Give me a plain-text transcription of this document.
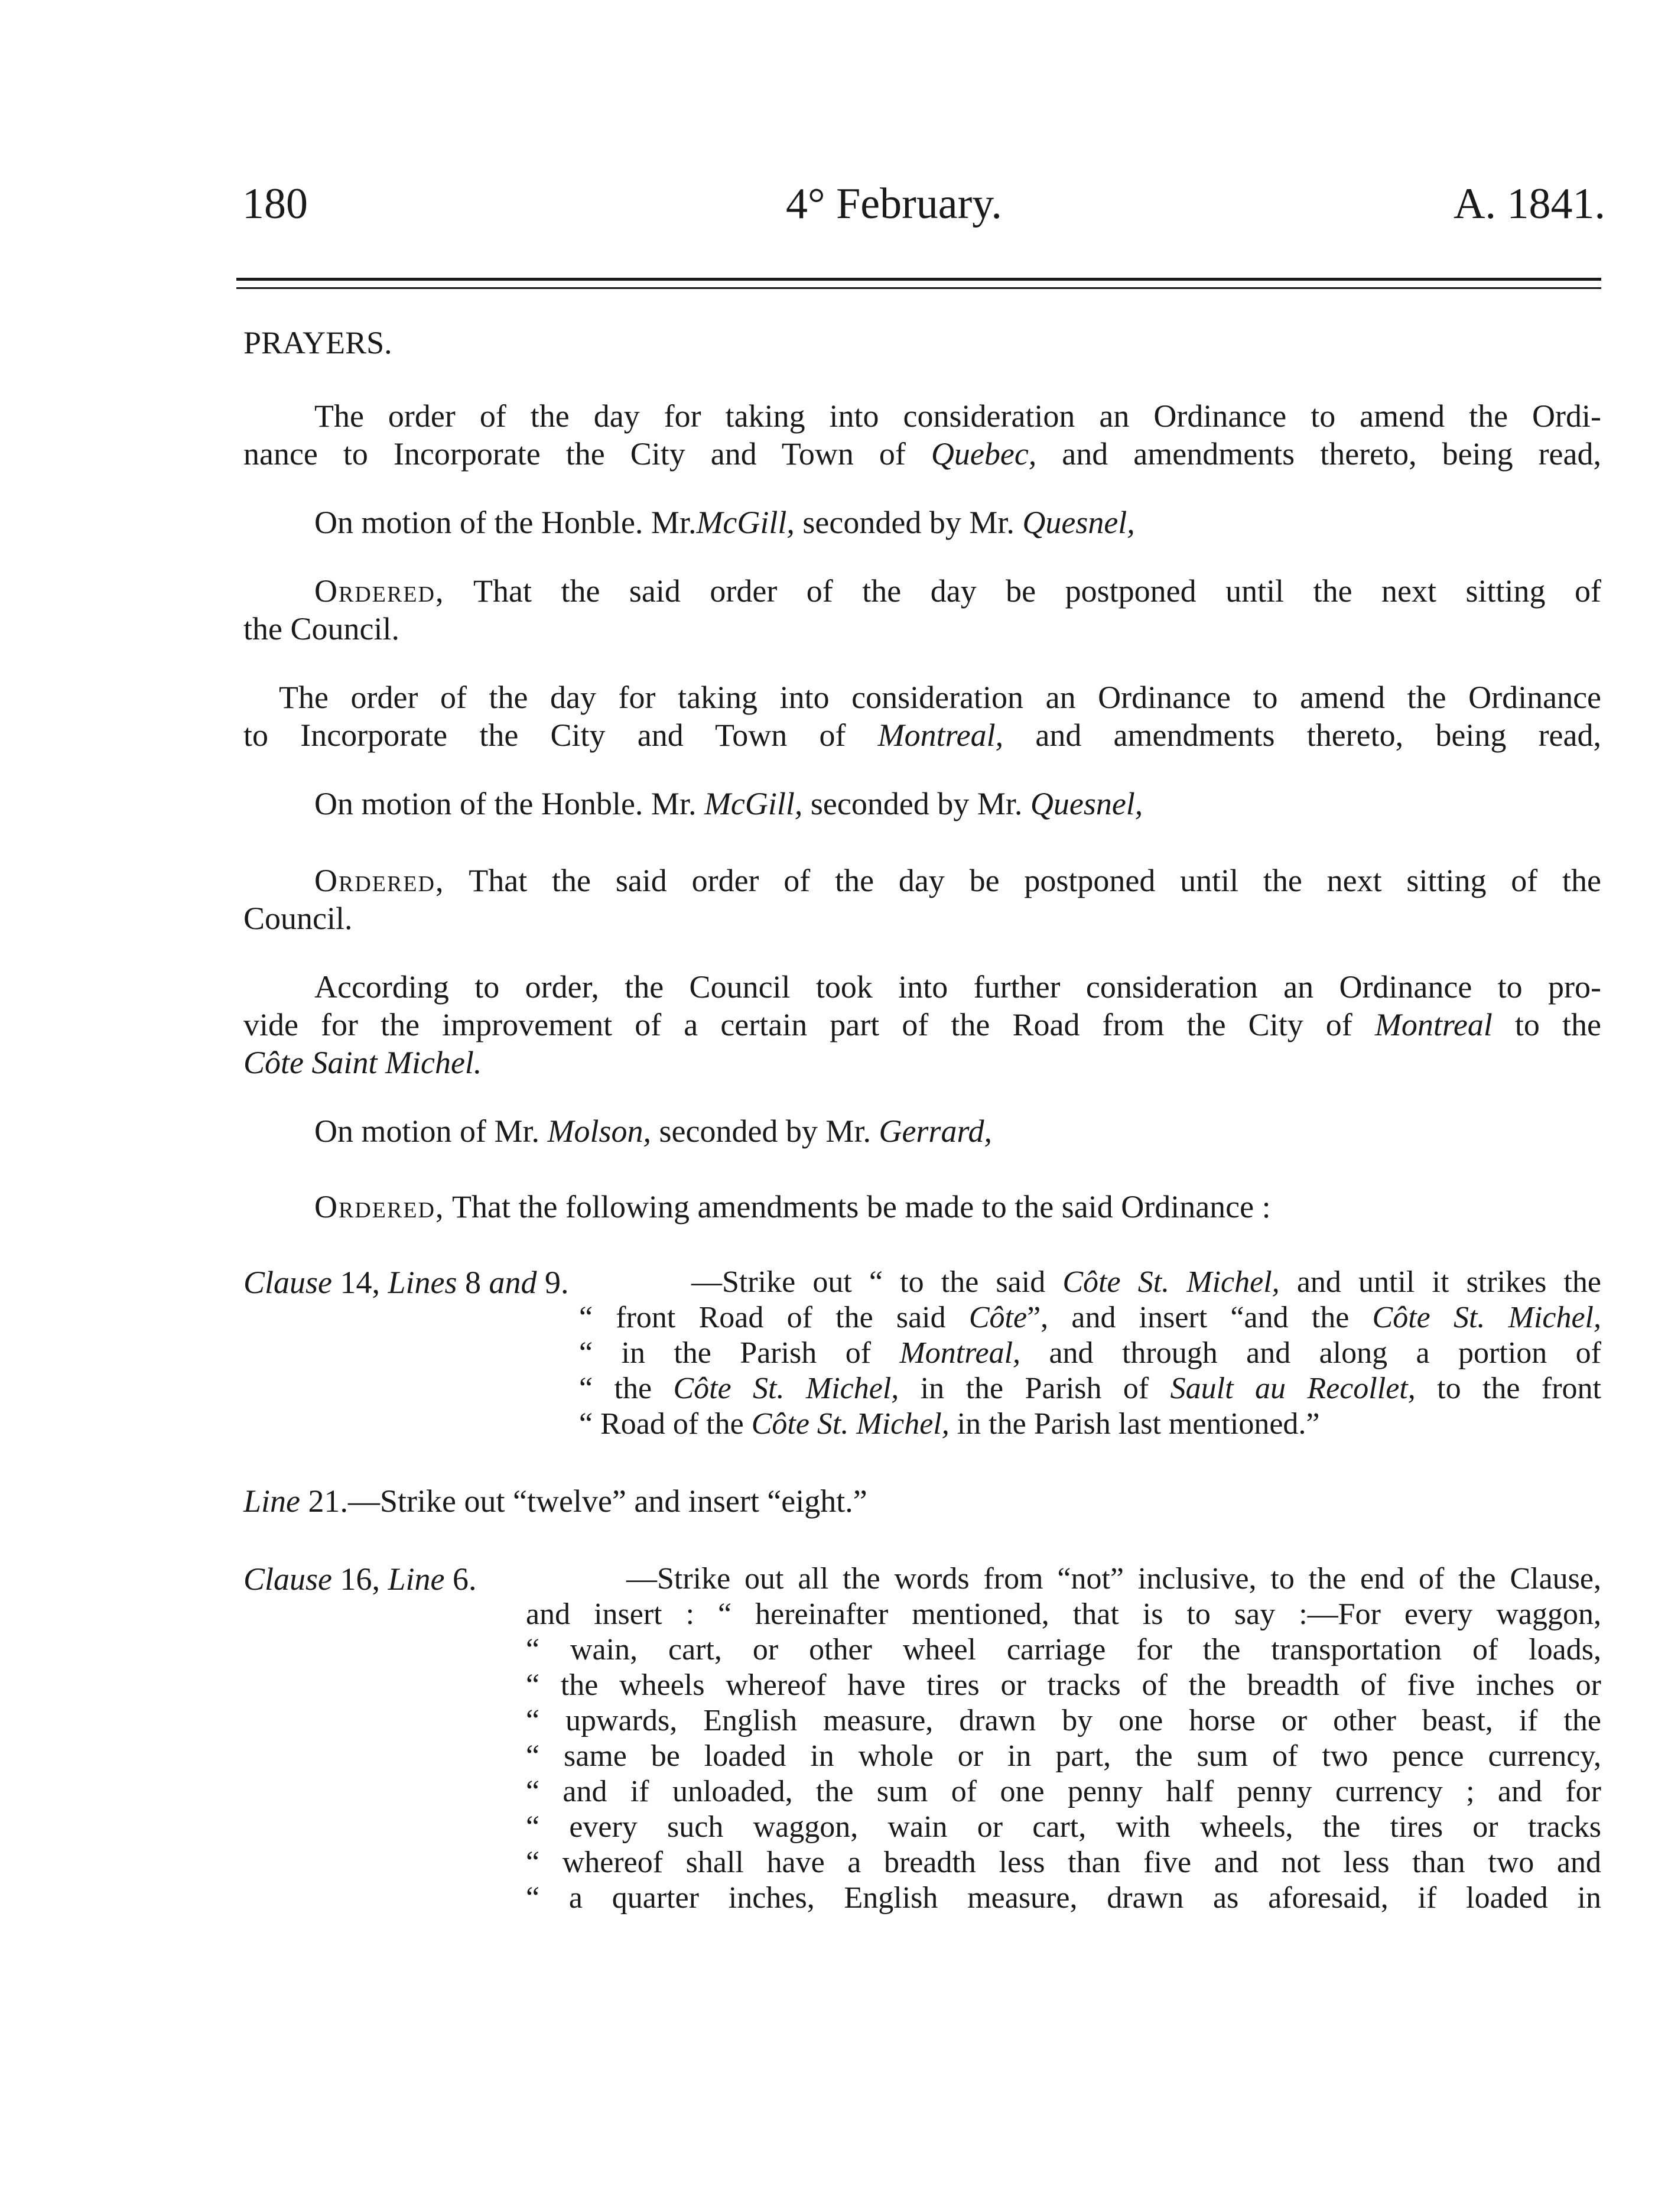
180	4° February.	A. 1841.
PRAYERS.
The order of the day for taking into consideration an Ordinance to amend the Ordi-
nance to Incorporate the City and Town of Quebec, and amendments thereto, being read,
On motion of the Honble. Mr.McGill, seconded by Mr. Quesnel,
Ordered, That the said order of the day be postponed until the next sitting of
the Council.
The order of the day for taking into consideration an Ordinance to amend the Ordinance
to Incorporate the City and Town of Montreal, and amendments thereto, being read,
On motion of the Honble. Mr. McGill, seconded by Mr. Quesnel,
Ordered, That the said order of the day be postponed until the next sitting of the
Council.
According to order, the Council took into further consideration an Ordinance to pro-
vide for the improvement of a certain part of the Road from the City of Montreal to the
Côte Saint Michel.
On motion of Mr. Molson, seconded by Mr. Gerrard,
Ordered, That the following amendments be made to the said Ordinance :
Clause 14, Lines 8 and 9.	—Strike out “ to the said Côte St. Michel, and until it strikes the
“ front Road of the said Côte”, and insert “and the Côte St. Michel,
“ in the Parish of Montreal, and through and along a portion of
“ the Côte St. Michel, in the Parish of Sault au Recollet, to the front
“ Road of the Côte St. Michel, in the Parish last mentioned.”
Line 21.—Strike out “twelve” and insert “eight.”
Clause 16, Line 6.	—Strike out all the words from “not” inclusive, to the end of the Clause,
and insert : “ hereinafter mentioned, that is to say :—For every waggon,
“ wain, cart, or other wheel carriage for the transportation of loads,
“ the wheels whereof have tires or tracks of the breadth of five inches or
“ upwards, English measure, drawn by one horse or other beast, if the
“ same be loaded in whole or in part, the sum of two pence currency,
“ and if unloaded, the sum of one penny half penny currency ; and for
“ every such waggon, wain or cart, with wheels, the tires or tracks
“ whereof shall have a breadth less than five and not less than two and
“ a quarter inches, English measure, drawn as aforesaid, if loaded in
